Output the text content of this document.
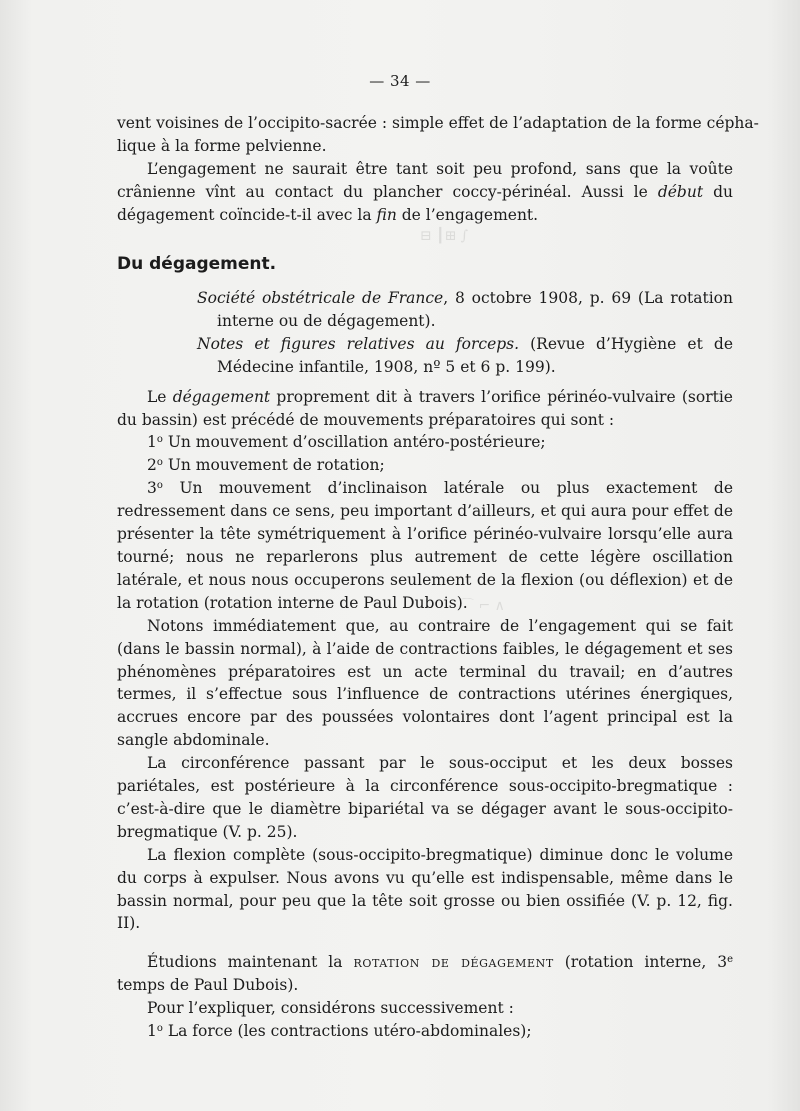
— 34 —
⊟ ┃⊞ ∫
⌒ ⌐ ∧
vent voisines de l’occipito-sacrée : simple effet de l’adaptation de la forme cépha-
lique à la forme pelvienne.

L’engagement ne saurait être tant soit peu profond, sans que la voûte crânienne vînt au contact du plancher coccy-périnéal. Aussi le début du dégagement coïncide-t-il avec la fin de l’engagement.

Du dégagement.

Société obstétricale de France, 8 octobre 1908, p. 69 (La rotation interne ou de dégagement).

Notes et figures relatives au forceps. (Revue d’Hygiène et de Médecine infantile, 1908, nº 5 et 6 p. 199).

Le dégagement proprement dit à travers l’orifice périnéo-vulvaire (sortie du bassin) est précédé de mouvements préparatoires qui sont :

1$^o$ Un mouvement d’oscillation antéro-postérieure;

2$^o$ Un mouvement de rotation;

3$^o$ Un mouvement d’inclinaison latérale ou plus exactement de redressement dans ce sens, peu important d’ailleurs, et qui aura pour effet de présenter la tête symétriquement à l’orifice périnéo-vulvaire lorsqu’elle aura tourné; nous ne reparlerons plus autrement de cette légère oscillation latérale, et nous nous occuperons seulement de la flexion (ou déflexion) et de la rotation (rotation interne de Paul Dubois).

Notons immédiatement que, au contraire de l’engagement qui se fait (dans le bassin normal), à l’aide de contractions faibles, le dégagement et ses phénomènes préparatoires est un acte terminal du travail; en d’autres termes, il s’effectue sous l’influence de contractions utérines énergiques, accrues encore par des poussées volontaires dont l’agent principal est la sangle abdominale.

La circonférence passant par le sous-occiput et les deux bosses pariétales, est postérieure à la circonférence sous-occipito-bregmatique : c’est-à-dire que le diamètre bipariétal va se dégager avant le sous-occipito-bregmatique (V. p. 25).

La flexion complète (sous-occipito-bregmatique) diminue donc le volume du corps à expulser. Nous avons vu qu’elle est indispensable, même dans le bassin normal, pour peu que la tête soit grosse ou bien ossifiée (V. p. 12, fig. II).

Étudions maintenant la rotation de dégagement (rotation interne, 3e temps de Paul Dubois).

Pour l’expliquer, considérons successivement :

1$^o$ La force (les contractions utéro-abdominales);
